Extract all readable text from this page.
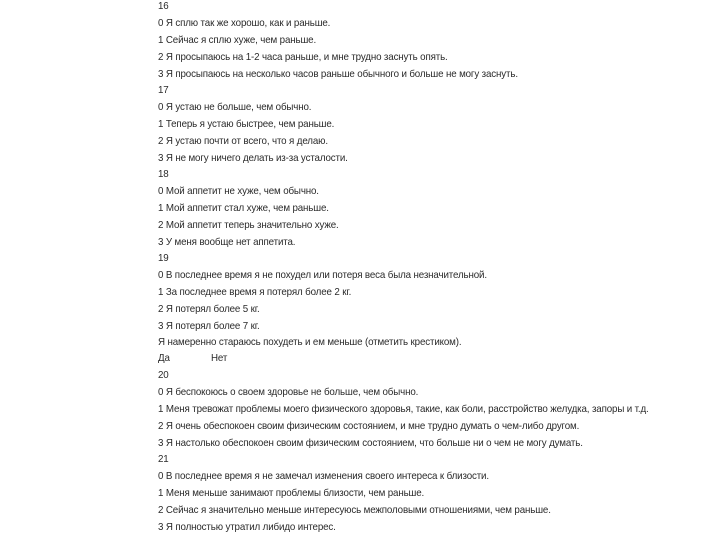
16
0 Я сплю так же хорошо, как и раньше.
1 Сейчас я сплю хуже, чем раньше.
2 Я просыпаюсь на 1-2 часа раньше, и мне трудно заснуть опять.
3 Я просыпаюсь на несколько часов раньше обычного и больше не могу заснуть.
17
0 Я устаю не больше, чем обычно.
1 Теперь я устаю быстрее, чем раньше.
2 Я устаю почти от всего, что я делаю.
3 Я не могу ничего делать из-за усталости.
18
0 Мой аппетит не хуже, чем обычно.
1 Мой аппетит стал хуже, чем раньше.
2 Мой аппетит теперь значительно хуже.
3 У меня вообще нет аппетита.
19
0 В последнее время я не похудел или потеря веса была незначительной.
1 За последнее время я потерял более 2 кг.
2 Я потерял более 5 кг.
3 Я потерял более 7 кг.
Я намеренно стараюсь похудеть и ем меньше (отметить крестиком).
Да                Нет
20
0 Я беспокоюсь о своем здоровье не больше, чем обычно.
1 Меня тревожат проблемы моего физического здоровья, такие, как боли, расстройство желудка, запоры и т.д.
2 Я очень обеспокоен своим физическим состоянием, и мне трудно думать о чем-либо другом.
3 Я настолько обеспокоен своим физическим состоянием, что больше ни о чем не могу думать.
21
0 В последнее время я не замечал изменения своего интереса к близости.
1 Меня меньше занимают проблемы близости, чем раньше.
2 Сейчас я значительно меньше интересуюсь межполовыми отношениями, чем раньше.
3 Я полностью утратил либидо интерес.
